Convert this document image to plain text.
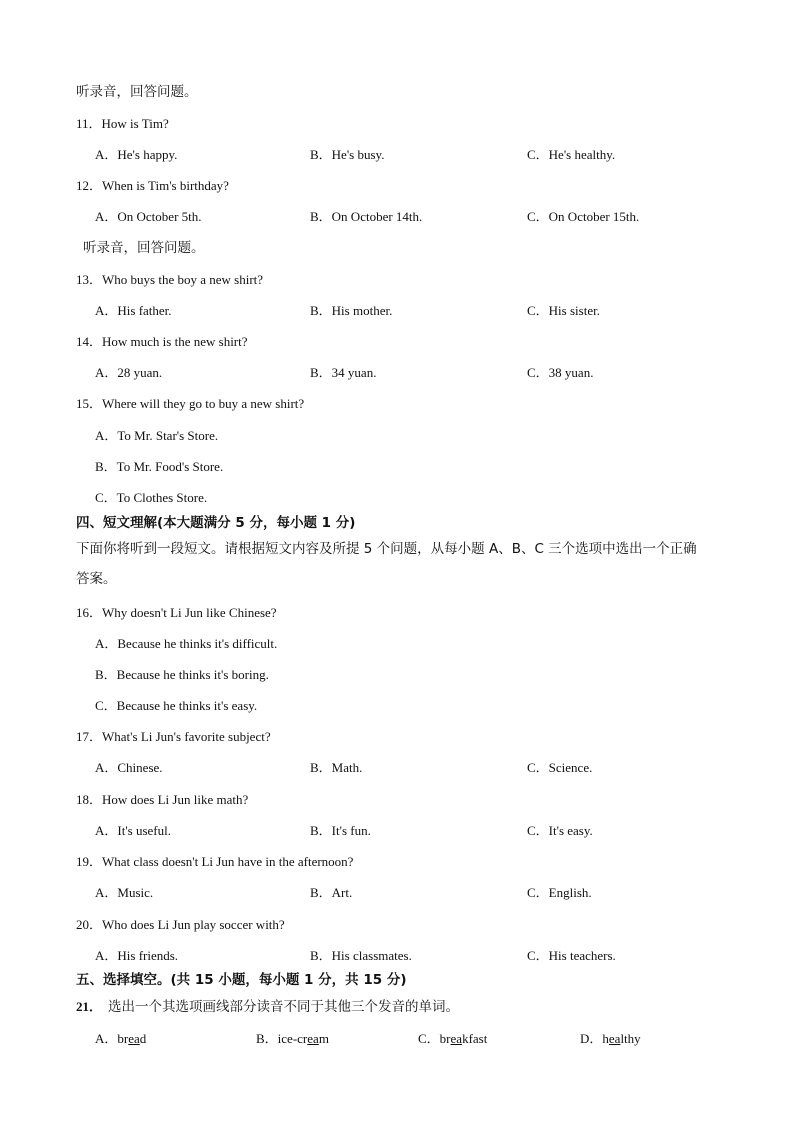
听录音，回答问题。
11．How is Tim?
A．He's happy.	B．He's busy.	C．He's healthy.
12．When is Tim's birthday?
A．On October 5th.	B．On October 14th.	C．On October 15th.
听录音，回答问题。
13．Who buys the boy a new shirt?
A．His father.	B．His mother.	C．His sister.
14．How much is the new shirt?
A．28 yuan.	B．34 yuan.	C．38 yuan.
15．Where will they go to buy a new shirt?
A．To Mr. Star's Store.
B．To Mr. Food's Store.
C．To Clothes Store.
四、短文理解(本大题满分 5 分，每小题 1 分)
下面你将听到一段短文。请根据短文内容及所提 5 个问题，从每小题 A、B、C 三个选项中选出一个正确
答案。
16．Why doesn't Li Jun like Chinese?
A．Because he thinks it's difficult.
B．Because he thinks it's boring.
C．Because he thinks it's easy.
17．What's Li Jun's favorite subject?
A．Chinese.	B．Math.	C．Science.
18．How does Li Jun like math?
A．It's useful.	B．It's fun.	C．It's easy.
19．What class doesn't Li Jun have in the afternoon?
A．Music.	B．Art.	C．English.
20．Who does Li Jun play soccer with?
A．His friends.	B．His classmates.	C．His teachers.
五、选择填空。(共 15 小题，每小题 1 分，共 15 分)
21． 选出一个其选项画线部分读音不同于其他三个发音的单词。
A．bread	B．ice-cream	C．breakfast	D．healthy
